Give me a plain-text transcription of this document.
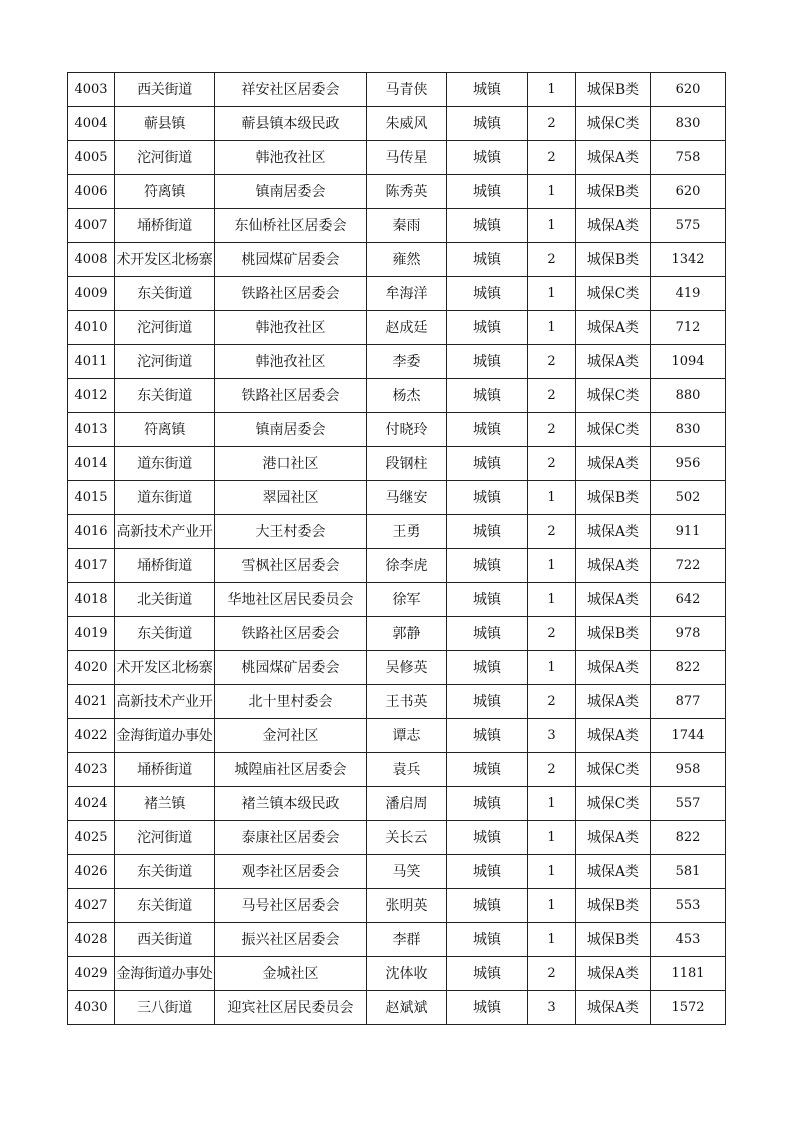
4003	西关街道	祥安社区居委会	马青侠	城镇	1	城保B类	620
4004	蕲县镇	蕲县镇本级民政	朱威风	城镇	2	城保C类	830
4005	沱河街道	韩池孜社区	马传星	城镇	2	城保A类	758
4006	符离镇	镇南居委会	陈秀英	城镇	1	城保B类	620
4007	埇桥街道	东仙桥社区居委会	秦雨	城镇	1	城保A类	575
4008	术开发区北杨寨	桃园煤矿居委会	雍然	城镇	2	城保B类	1342
4009	东关街道	铁路社区居委会	牟海洋	城镇	1	城保C类	419
4010	沱河街道	韩池孜社区	赵成廷	城镇	1	城保A类	712
4011	沱河街道	韩池孜社区	李委	城镇	2	城保A类	1094
4012	东关街道	铁路社区居委会	杨杰	城镇	2	城保C类	880
4013	符离镇	镇南居委会	付晓玲	城镇	2	城保C类	830
4014	道东街道	港口社区	段钢柱	城镇	2	城保A类	956
4015	道东街道	翠园社区	马继安	城镇	1	城保B类	502
4016	高新技术产业开	大王村委会	王勇	城镇	2	城保A类	911
4017	埇桥街道	雪枫社区居委会	徐李虎	城镇	1	城保A类	722
4018	北关街道	华地社区居民委员会	徐军	城镇	1	城保A类	642
4019	东关街道	铁路社区居委会	郭静	城镇	2	城保B类	978
4020	术开发区北杨寨	桃园煤矿居委会	吴修英	城镇	1	城保A类	822
4021	高新技术产业开	北十里村委会	王书英	城镇	2	城保A类	877
4022	金海街道办事处	金河社区	谭志	城镇	3	城保A类	1744
4023	埇桥街道	城隍庙社区居委会	袁兵	城镇	2	城保C类	958
4024	褚兰镇	褚兰镇本级民政	潘启周	城镇	1	城保C类	557
4025	沱河街道	泰康社区居委会	关长云	城镇	1	城保A类	822
4026	东关街道	观李社区居委会	马笑	城镇	1	城保A类	581
4027	东关街道	马号社区居委会	张明英	城镇	1	城保B类	553
4028	西关街道	振兴社区居委会	李群	城镇	1	城保B类	453
4029	金海街道办事处	金城社区	沈体收	城镇	2	城保A类	1181
4030	三八街道	迎宾社区居民委员会	赵斌斌	城镇	3	城保A类	1572
